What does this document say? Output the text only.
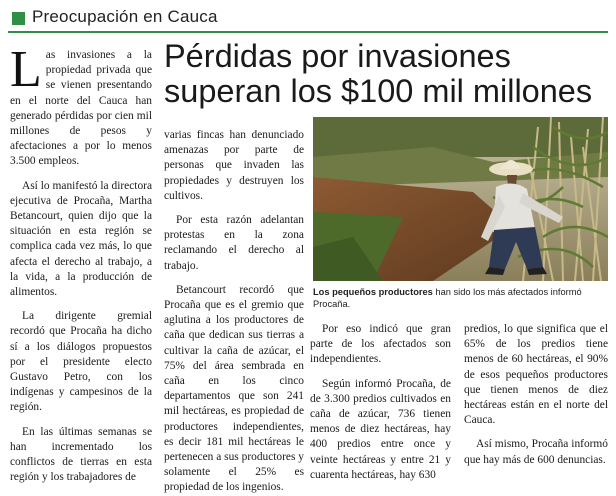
Preocupación en Cauca
Pérdidas por invasiones
superan los $100 mil millones

Las invasiones a la propiedad privada que se vienen presentando en el norte del Cauca han generado pérdidas por cien mil millones de pesos y afectaciones a por lo menos 3.500 empleos.

Así lo manifestó la directora ejecutiva de Procaña, Martha Betancourt, quien dijo que la situación en esta región se complica cada vez más, lo que afecta el derecho al trabajo, a la vida, a la producción de alimentos.

La dirigente gremial recordó que Procaña ha dicho sí a los diálogos propuestos por el presidente electo Gustavo Petro, con los indígenas y campesinos de la región.

En las últimas semanas se han incrementado los conflictos de tierras en esta región y los trabajadores de

varias fincas han denunciado amenazas por parte de personas que invaden las propiedades y destruyen los cultivos.

Por esta razón adelantan protestas en la zona reclamando el derecho al trabajo.

Betancourt recordó que Procaña que es el gremio que aglutina a los productores de caña que dedican sus tierras a cultivar la caña de azúcar, el 75% del área sembrada en caña en los cinco departamentos que son 241 mil hectáreas, es propiedad de productores independientes, es decir 181 mil hectáreas le pertenecen a sus productores y solamente el 25% es propiedad de los ingenios.

Los pequeños productores han sido los más afectados informó Procaña.

Por eso indicó que gran parte de los afectados son independientes.

Según informó Procaña, de de 3.300 predios cultivados en caña de azúcar, 736 tienen menos de diez hectáreas, hay 400 predios entre once y veinte hectáreas y entre 21 y cuarenta hectáreas, hay 630

predios, lo que significa que el 65% de los predios tiene menos de 60 hectáreas, el 90% de esos pequeños productores que tienen menos de diez hectáreas están en el norte del Cauca.

Así mismo, Procaña informó que hay más de 600 denuncias.
